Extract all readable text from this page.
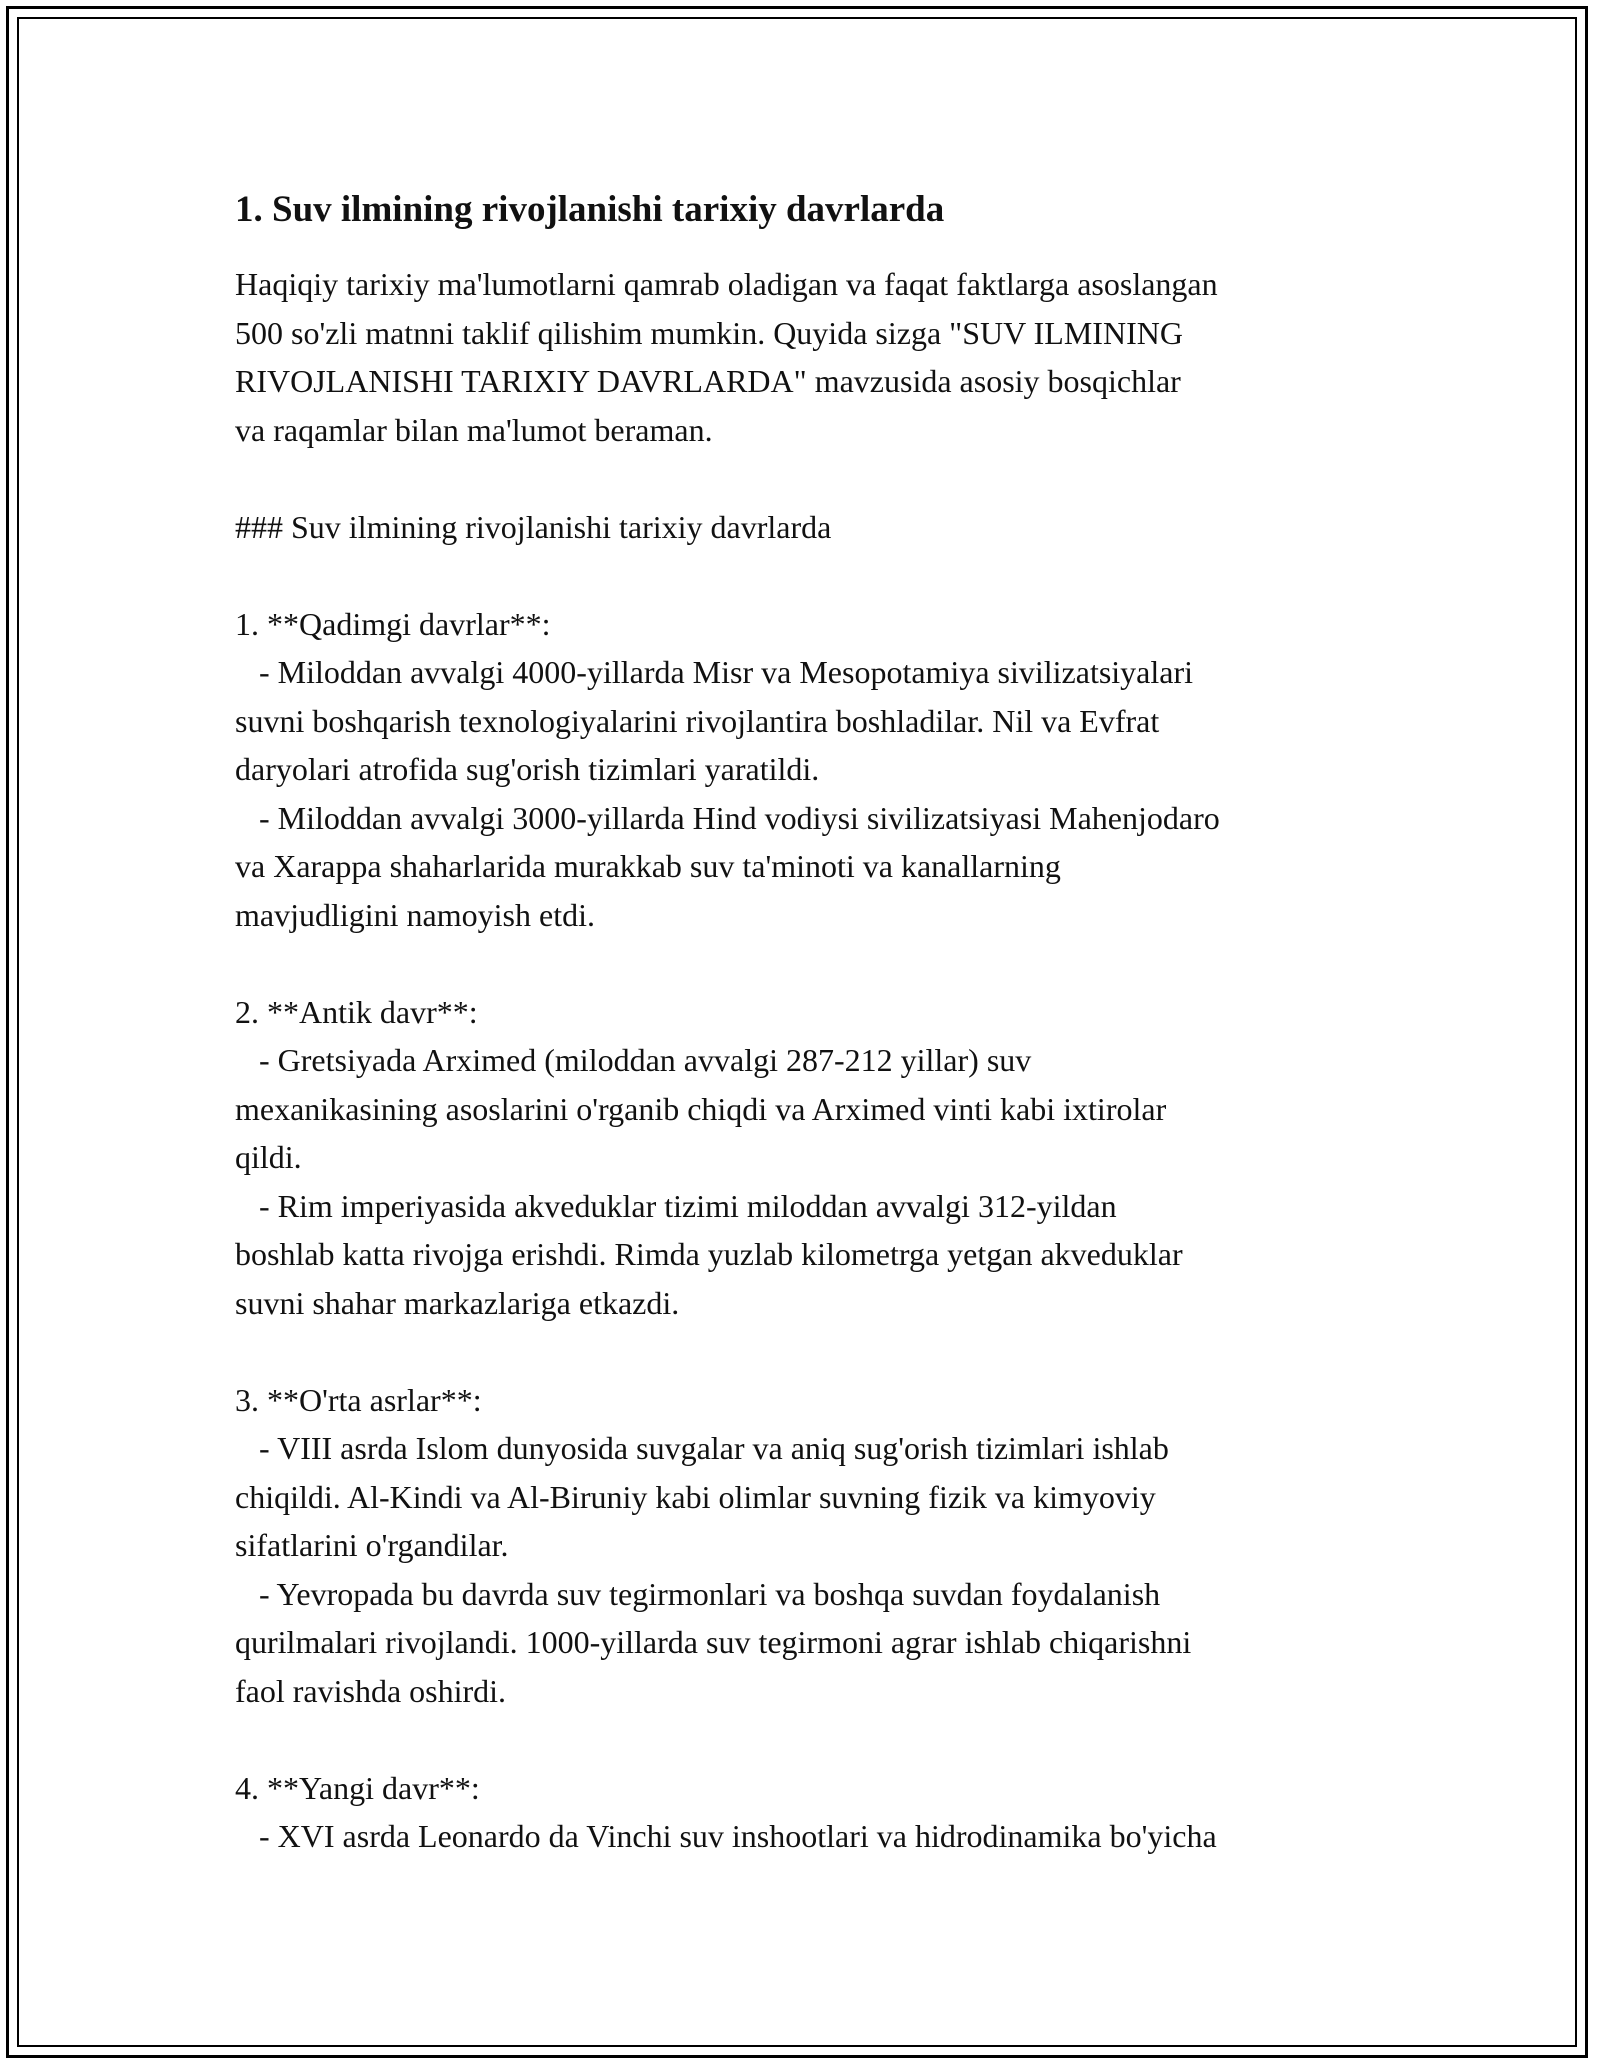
1. Suv ilmining rivojlanishi tarixiy davrlarda

Haqiqiy tarixiy ma'lumotlarni qamrab oladigan va faqat faktlarga asoslangan

500 so'zli matnni taklif qilishim mumkin. Quyida sizga "SUV ILMINING

RIVOJLANISHI TARIXIY DAVRLARDA" mavzusida asosiy bosqichlar

va raqamlar bilan ma'lumot beraman.

### Suv ilmining rivojlanishi tarixiy davrlarda

1. **Qadimgi davrlar**:

- Miloddan avvalgi 4000-yillarda Misr va Mesopotamiya sivilizatsiyalari

suvni boshqarish texnologiyalarini rivojlantira boshladilar. Nil va Evfrat

daryolari atrofida sug'orish tizimlari yaratildi.

- Miloddan avvalgi 3000-yillarda Hind vodiysi sivilizatsiyasi Mahenjodaro

va Xarappa shaharlarida murakkab suv ta'minoti va kanallarning

mavjudligini namoyish etdi.

2. **Antik davr**:

- Gretsiyada Arximed (miloddan avvalgi 287-212 yillar) suv

mexanikasining asoslarini o'rganib chiqdi va Arximed vinti kabi ixtirolar

qildi.

- Rim imperiyasida akveduklar tizimi miloddan avvalgi 312-yildan

boshlab katta rivojga erishdi. Rimda yuzlab kilometrga yetgan akveduklar

suvni shahar markazlariga etkazdi.

3. **O'rta asrlar**:

- VIII asrda Islom dunyosida suvgalar va aniq sug'orish tizimlari ishlab

chiqildi. Al-Kindi va Al-Biruniy kabi olimlar suvning fizik va kimyoviy

sifatlarini o'rgandilar.

- Yevropada bu davrda suv tegirmonlari va boshqa suvdan foydalanish

qurilmalari rivojlandi. 1000-yillarda suv tegirmoni agrar ishlab chiqarishni

faol ravishda oshirdi.

4. **Yangi davr**:

- XVI asrda Leonardo da Vinchi suv inshootlari va hidrodinamika bo'yicha
